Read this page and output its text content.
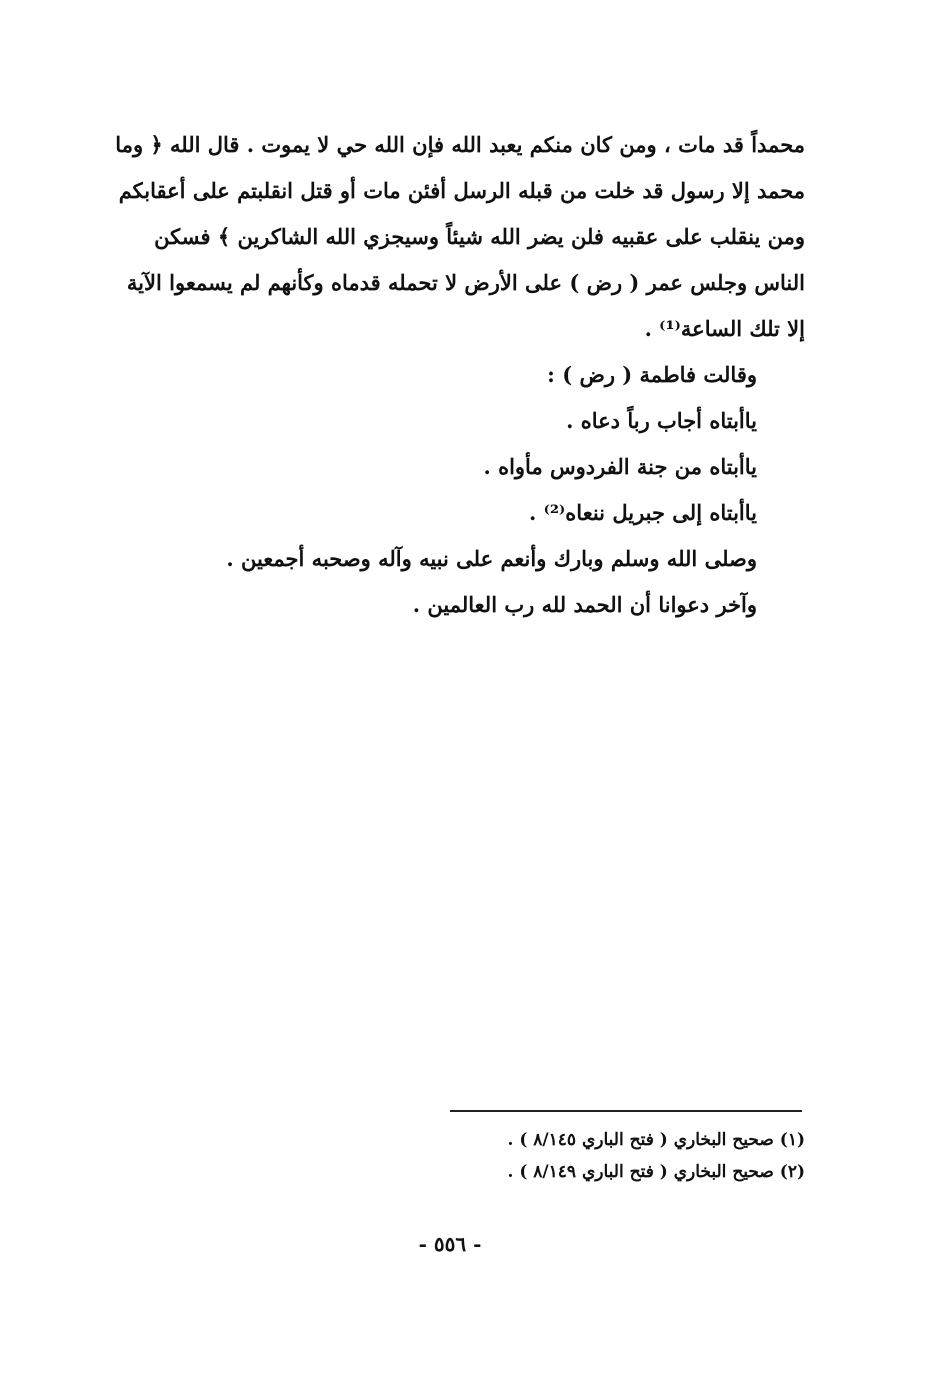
محمداً قد مات ، ومن كان منكم يعبد الله فإن الله حي لا يموت . قال الله ﴿ وما
محمد إلا رسول قد خلت من قبله الرسل أفئن مات أو قتل انقلبتم على أعقابكم
ومن ينقلب على عقبيه فلن يضر الله شيئاً وسيجزي الله الشاكرين ﴾ فسكن
الناس وجلس عمر ( رض ) على الأرض لا تحمله قدماه وكأنهم لم يسمعوا الآية
إلا تلك الساعة⁽¹⁾ .
وقالت فاطمة ( رض ) :
ياأبتاه أجاب رباً دعاه .
ياأبتاه من جنة الفردوس مأواه .
ياأبتاه إلى جبريل ننعاه⁽²⁾ .
وصلى الله وسلم وبارك وأنعم على نبيه وآله وصحبه أجمعين .
وآخر دعوانا أن الحمد لله رب العالمين .
(١) صحيح البخاري ( فتح الباري ٨/١٤٥ ) .
(٢) صحيح البخاري ( فتح الباري ٨/١٤٩ ) .
- ٥٥٦ -
